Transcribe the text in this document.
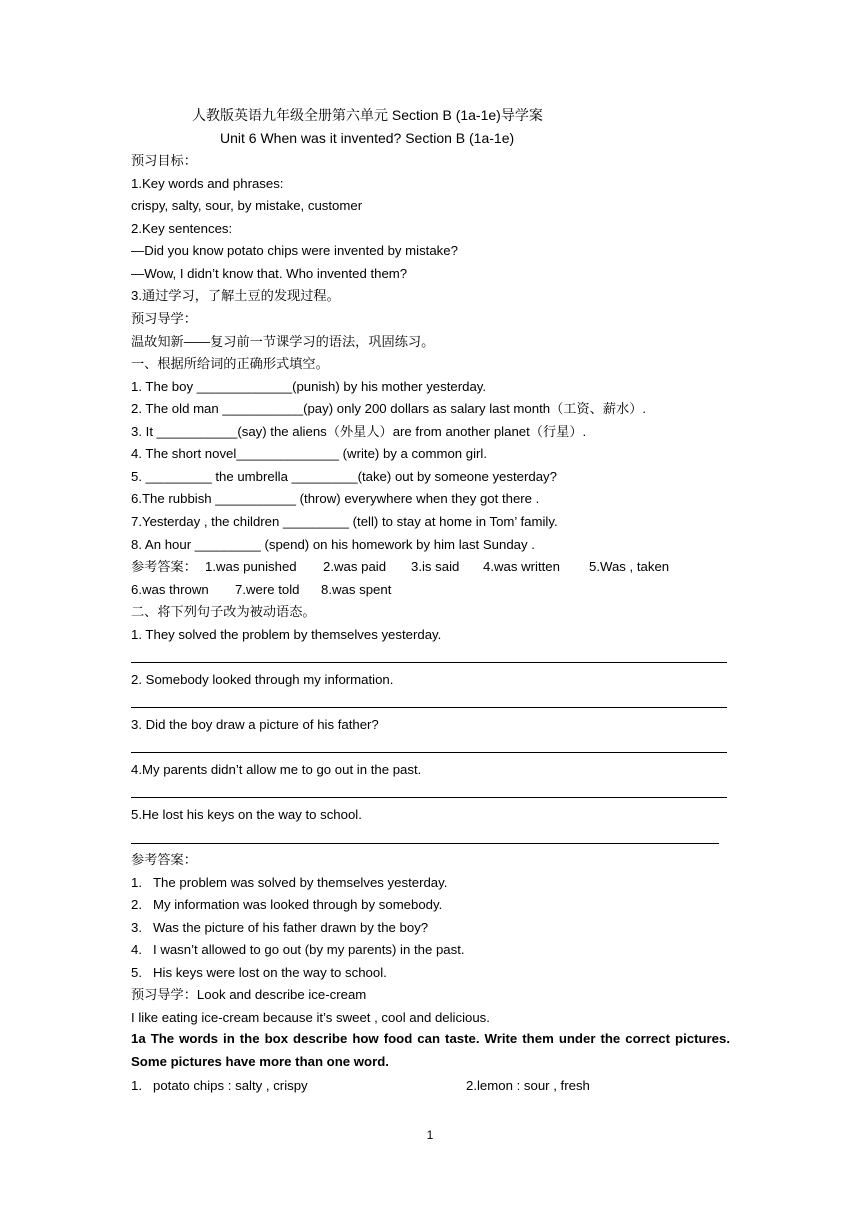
人教版英语九年级全册第六单元 Section B (1a-1e)导学案
Unit 6 When was it invented? Section B (1a-1e)
预习目标：
1.Key words and phrases:
crispy, salty, sour, by mistake, customer
2.Key sentences:
—Did you know potato chips were invented by mistake?
—Wow, I didn’t know that. Who invented them?
3.通过学习，了解土豆的发现过程。
预习导学：
温故知新——复习前一节课学习的语法，巩固练习。
一、根据所给词的正确形式填空。
1. The boy _____________(punish) by his mother yesterday.
2. The old man ___________(pay) only 200 dollars as salary last month（工资、薪水）.
3. It ___________(say) the aliens（外星人）are from another planet（行星）.
4. The short novel______________ (write) by a common girl.
5. _________ the umbrella _________(take) out by someone yesterday?
6.The rubbish ___________ (throw) everywhere when they got there .
7.Yesterday , the children _________ (tell) to stay at home in Tom’ family.
8. An hour _________ (spend) on his homework by him last Sunday .
参考答案： 1.was punished 2.was paid 3.is said 4.was written 5.Was , taken
6.was thrown 7.were told 8.was spent
二、将下列句子改为被动语态。
1. They solved the problem by themselves yesterday.
2. Somebody looked through my information.
3. Did the boy draw a picture of his father?
4.My parents didn’t allow me to go out in the past.
5.He lost his keys on the way to school.
参考答案：
1. The problem was solved by themselves yesterday.
2. My information was looked through by somebody.
3. Was the picture of his father drawn by the boy?
4. I wasn’t allowed to go out (by my parents) in the past.
5. His keys were lost on the way to school.
预习导学：Look and describe ice-cream
I like eating ice-cream because it’s sweet , cool and delicious.
1a The words in the box describe how food can taste. Write them under the correct pictures. Some pictures have more than one word.
1. potato chips : salty , crispy	2.lemon : sour , fresh
1
